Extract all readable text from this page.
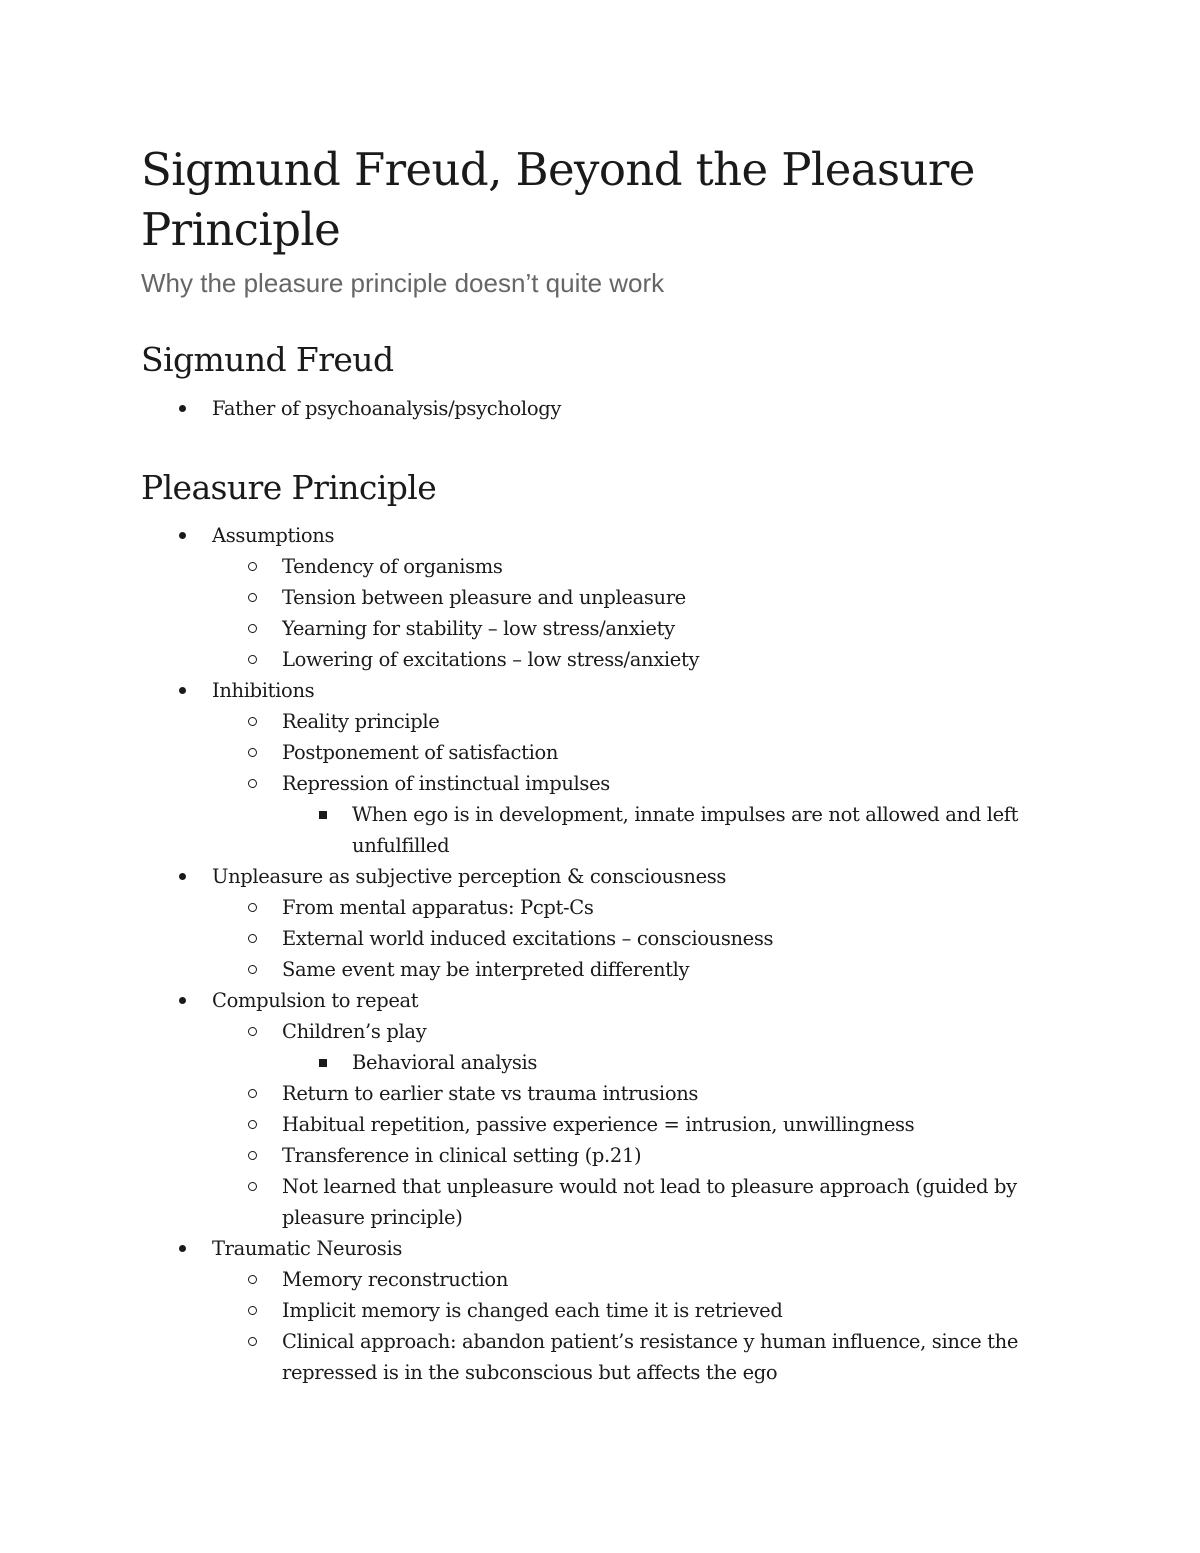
Sigmund Freud, Beyond the Pleasure Principle

Why the pleasure principle doesn’t quite work

Sigmund Freud
Father of psychoanalysis/psychology
Pleasure Principle
Assumptions
Tendency of organisms
Tension between pleasure and unpleasure
Yearning for stability – low stress/anxiety
Lowering of excitations – low stress/anxiety
Inhibitions
Reality principle
Postponement of satisfaction
Repression of instinctual impulses
When ego is in development, innate impulses are not allowed and left unfulfilled
Unpleasure as subjective perception & consciousness
From mental apparatus: Pcpt-Cs
External world induced excitations – consciousness
Same event may be interpreted differently
Compulsion to repeat
Children’s play
Behavioral analysis
Return to earlier state vs trauma intrusions
Habitual repetition, passive experience = intrusion, unwillingness
Transference in clinical setting (p.21)
Not learned that unpleasure would not lead to pleasure approach (guided by pleasure principle)
Traumatic Neurosis
Memory reconstruction
Implicit memory is changed each time it is retrieved
Clinical approach: abandon patient’s resistance y human influence, since the repressed is in the subconscious but affects the ego
